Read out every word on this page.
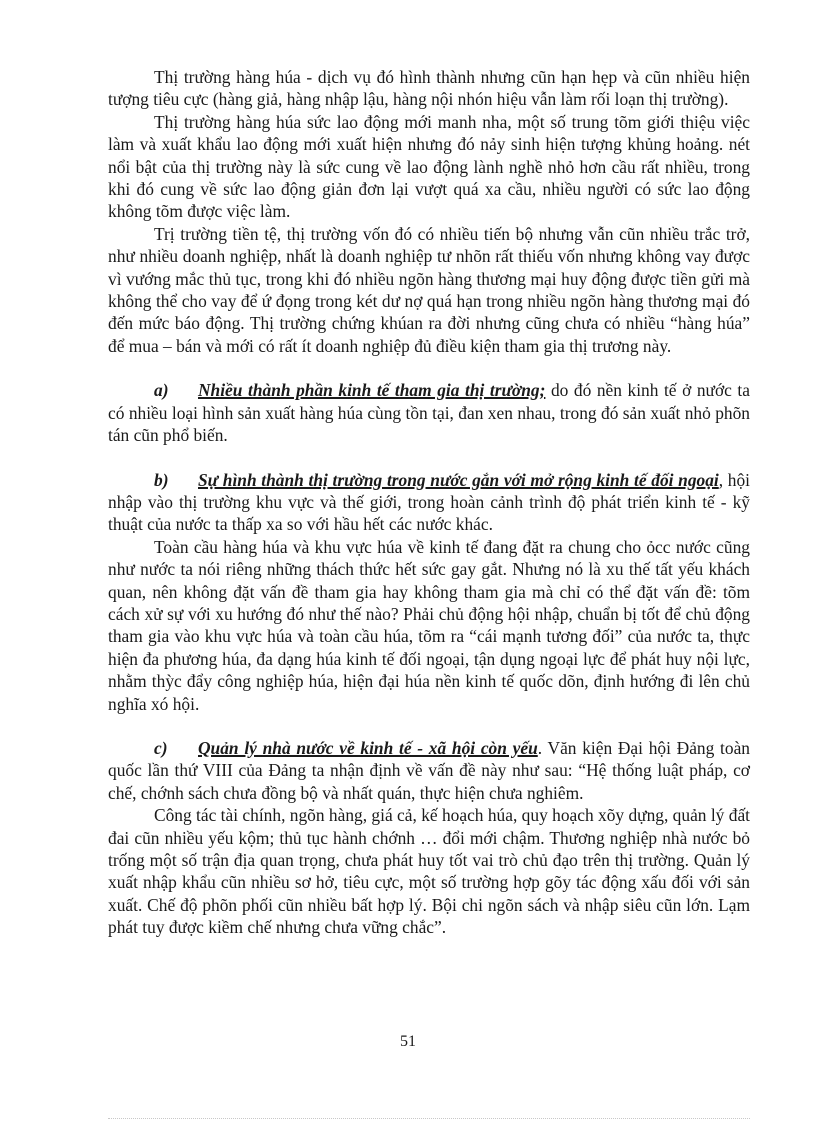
Thị trường hàng húa - dịch vụ đó hình thành nhưng cũn hạn hẹp và cũn nhiều hiện tượng tiêu cực (hàng giả, hàng nhập lậu, hàng nội nhón hiệu vẫn làm rối loạn thị trường).

Thị trường hàng húa sức lao động mới manh nha, một số trung tõm giới thiệu việc làm và xuất khẩu lao động mới xuất hiện nhưng đó nảy sinh hiện tượng khủng hoảng. nét nổi bật của thị trường này là sức cung về lao động lành nghề nhỏ hơn cầu rất nhiều, trong khi đó cung về sức lao động giản đơn lại vượt quá xa cầu, nhiều người có sức lao động không tõm được việc làm.

Trị trường tiền tệ, thị trường vốn đó có nhiều tiến bộ nhưng vẫn cũn nhiều trắc trở, như nhiều doanh nghiệp, nhất là doanh nghiệp tư nhõn rất thiếu vốn nhưng không vay được vì vướng mắc thủ tục, trong khi đó nhiều ngõn hàng thương mại huy động được tiền gửi mà không thể cho vay để ứ đọng trong két dư nợ quá hạn trong nhiều ngõn hàng thương mại đó đến mức báo động. Thị trường chứng khúan ra đời nhưng cũng chưa có nhiều “hàng húa” để mua – bán và mới có rất ít doanh nghiệp đủ điều kiện tham gia thị trương này.

a) Nhiều thành phần kinh tế tham gia thị trường; do đó nền kinh tế ở nước ta có nhiều loại hình sản xuất hàng húa cùng tồn tại, đan xen nhau, trong đó sản xuất nhỏ phõn tán cũn phổ biến.

b) Sự hình thành thị trường trong nước gắn với mở rộng kinh tế đối ngoại, hội nhập vào thị trường khu vực và thế giới, trong hoàn cảnh trình độ phát triển kinh tế - kỹ thuật của nước ta thấp xa so với hầu hết các nước khác.

Toàn cầu hàng húa và khu vực húa về kinh tế đang đặt ra chung cho ỏcc nước cũng như nước ta nói riêng những thách thức hết sức gay gắt. Nhưng nó là xu thế tất yếu khách quan, nên không đặt vấn đề tham gia hay không tham gia mà chỉ có thể đặt vấn đề: tõm cách xử sự với xu hướng đó như thế nào? Phải chủ động hội nhập, chuẩn bị tốt để chủ động tham gia vào khu vực húa và toàn cầu húa, tõm ra “cái mạnh tương đối” của nước ta, thực hiện đa phương húa, đa dạng húa kinh tế đối ngoại, tận dụng ngoại lực để phát huy nội lực, nhằm thỳc đẩy công nghiệp húa, hiện đại húa nền kinh tế quốc dõn, định hướng đi lên chủ nghĩa xó hội.

c) Quản lý nhà nước về kinh tế - xã hội còn yếu. Văn kiện Đại hội Đảng toàn quốc lần thứ VIII của Đảng ta nhận định về vấn đề này như sau: “Hệ thống luật pháp, cơ chế, chớnh sách chưa đồng bộ và nhất quán, thực hiện chưa nghiêm.

Công tác tài chính, ngõn hàng, giá cả, kế hoạch húa, quy hoạch xõy dựng, quản lý đất đai cũn nhiều yếu kộm; thủ tục hành chớnh … đổi mới chậm. Thương nghiệp nhà nước bỏ trống một số trận địa quan trọng, chưa phát huy tốt vai trò chủ đạo trên thị trường. Quản lý xuất nhập khẩu cũn nhiều sơ hở, tiêu cực, một số trường hợp gõy tác động xấu đối với sản xuất. Chế độ phõn phối cũn nhiều bất hợp lý. Bội chi ngõn sách và nhập siêu cũn lớn. Lạm phát tuy được kiềm chế nhưng chưa vững chắc”.

51
